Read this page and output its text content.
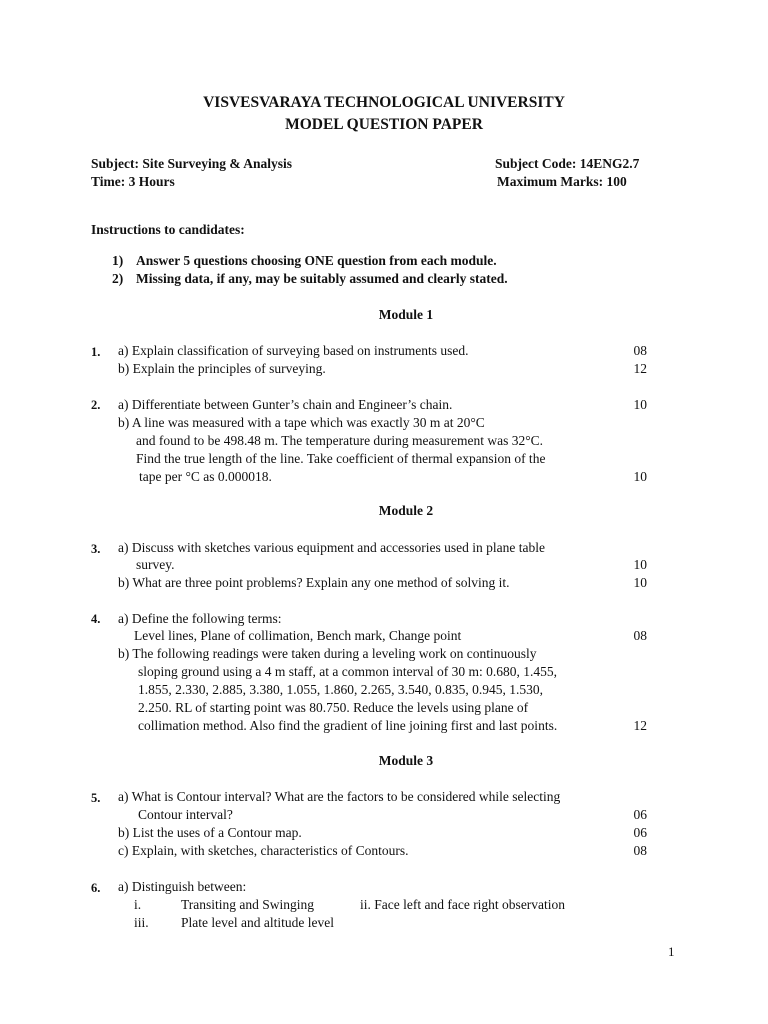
VISVESVARAYA TECHNOLOGICAL UNIVERSITY
MODEL QUESTION PAPER
Subject: Site Surveying & Analysis	Subject Code: 14ENG2.7
Time: 3 Hours	Maximum Marks: 100
Instructions to candidates:
1) Answer 5 questions choosing ONE question from each module.
2) Missing data, if any, may be suitably assumed and clearly stated.
Module 1
1. a) Explain classification of surveying based on instruments used.	08
b) Explain the principles of surveying.	12
2. a) Differentiate between Gunter’s chain and Engineer’s chain.	10
b) A line was measured with a tape which was exactly 30 m at 20°C
and found to be 498.48 m. The temperature during measurement was 32°C.
Find the true length of the line. Take coefficient of thermal expansion of the
tape per °C as 0.000018.	10
Module 2
3. a) Discuss with sketches various equipment and accessories used in plane table
survey.	10
b) What are three point problems? Explain any one method of solving it.	10
4. a) Define the following terms:
Level lines, Plane of collimation, Bench mark, Change point	08
b) The following readings were taken during a leveling work on continuously
sloping ground using a 4 m staff, at a common interval of 30 m: 0.680, 1.455,
1.855, 2.330, 2.885, 3.380, 1.055, 1.860, 2.265, 3.540, 0.835, 0.945, 1.530,
2.250. RL of starting point was 80.750. Reduce the levels using plane of
collimation method. Also find the gradient of line joining first and last points.	12
Module 3
5. a) What is Contour interval? What are the factors to be considered while selecting
Contour interval?	06
b) List the uses of a Contour map.	06
c) Explain, with sketches, characteristics of Contours.	08
6. a) Distinguish between:
i.	Transiting and Swinging	ii. Face left and face right observation
iii. Plate level and altitude level
1
